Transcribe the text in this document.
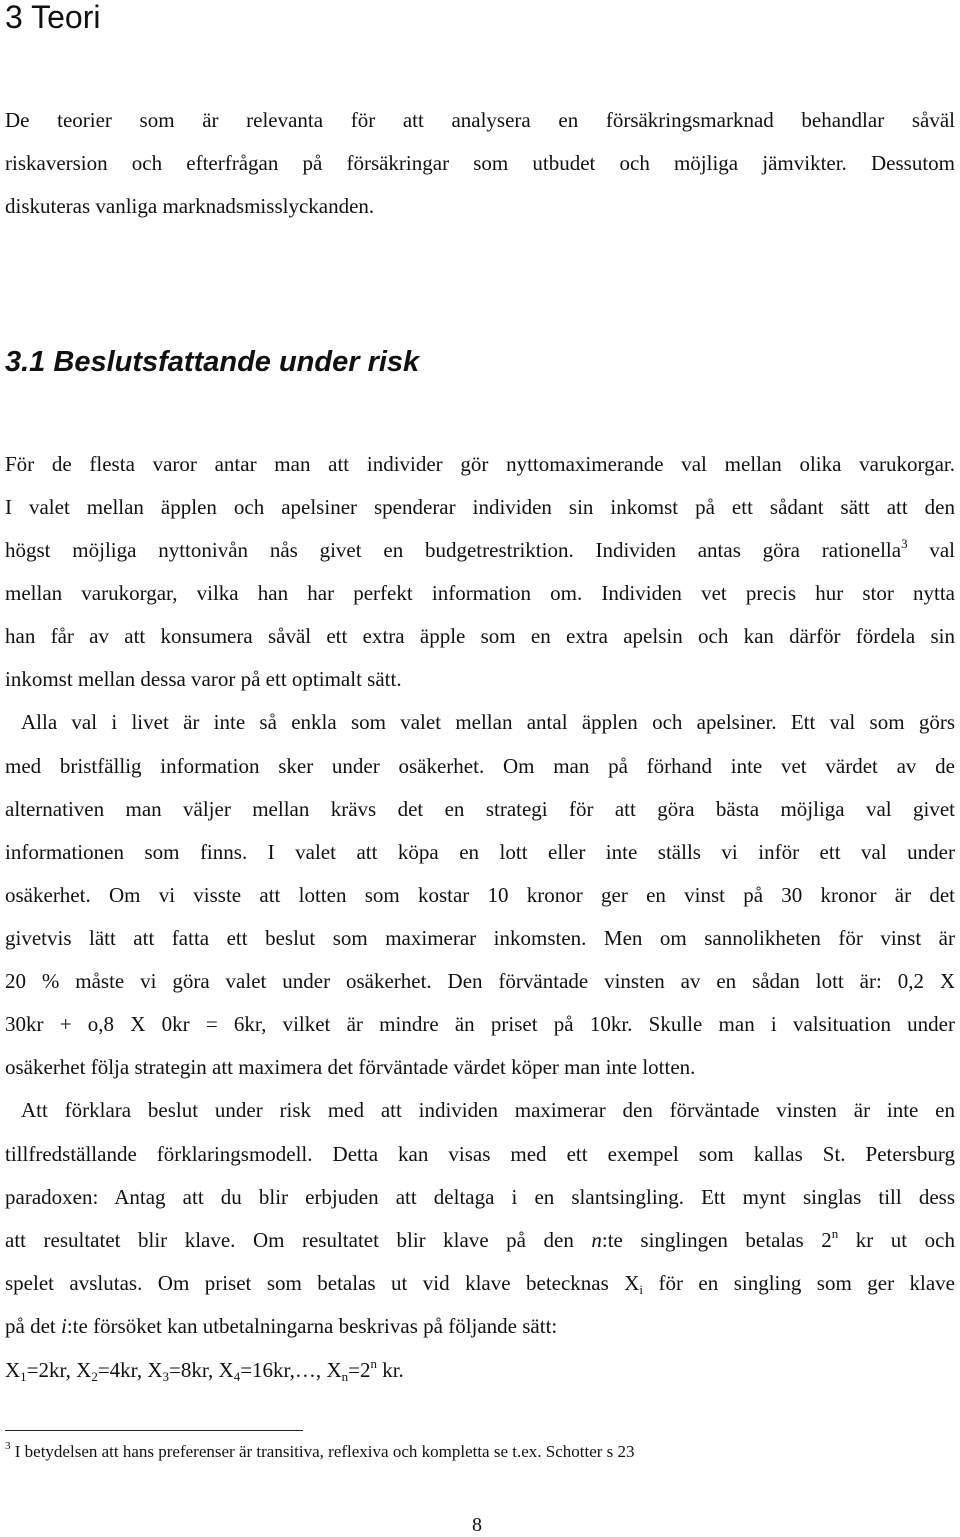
3 Teori
De teorier som är relevanta för att analysera en försäkringsmarknad behandlar såväl
riskaversion och efterfrågan på försäkringar som utbudet och möjliga jämvikter. Dessutom
diskuteras vanliga marknadsmisslyckanden.
3.1 Beslutsfattande under risk
För de flesta varor antar man att individer gör nyttomaximerande val mellan olika varukorgar.
I valet mellan äpplen och apelsiner spenderar individen sin inkomst på ett sådant sätt att den
högst möjliga nyttonivån nås givet en budgetrestriktion. Individen antas göra rationella$^3$ val
mellan varukorgar, vilka han har perfekt information om. Individen vet precis hur stor nytta
han får av att konsumera såväl ett extra äpple som en extra apelsin och kan därför fördela sin
inkomst mellan dessa varor på ett optimalt sätt.
Alla val i livet är inte så enkla som valet mellan antal äpplen och apelsiner. Ett val som görs
med bristfällig information sker under osäkerhet. Om man på förhand inte vet värdet av de
alternativen man väljer mellan krävs det en strategi för att göra bästa möjliga val givet
informationen som finns. I valet att köpa en lott eller inte ställs vi inför ett val under
osäkerhet. Om vi visste att lotten som kostar 10 kronor ger en vinst på 30 kronor är det
givetvis lätt att fatta ett beslut som maximerar inkomsten. Men om sannolikheten för vinst är
20 % måste vi göra valet under osäkerhet. Den förväntade vinsten av en sådan lott är: 0,2 X
30kr + o,8 X 0kr = 6kr, vilket är mindre än priset på 10kr. Skulle man i valsituation under
osäkerhet följa strategin att maximera det förväntade värdet köper man inte lotten.
Att förklara beslut under risk med att individen maximerar den förväntade vinsten är inte en
tillfredställande förklaringsmodell. Detta kan visas med ett exempel som kallas St. Petersburg
paradoxen: Antag att du blir erbjuden att deltaga i en slantsingling. Ett mynt singlas till dess
att resultatet blir klave. Om resultatet blir klave på den n:te singlingen betalas 2$^n$ kr ut och
spelet avslutas. Om priset som betalas ut vid klave betecknas $X_i$ för en singling som ger klave
på det i:te försöket kan utbetalningarna beskrivas på följande sätt:
$X_1=2kr$, $X_2=4kr$, $X_3=8kr$, $X_4=16kr,\dots$, $X_n=2^n$ kr.
$^3$ I betydelsen att hans preferenser är transitiva, reflexiva och kompletta se t.ex. Schotter s 23
8
